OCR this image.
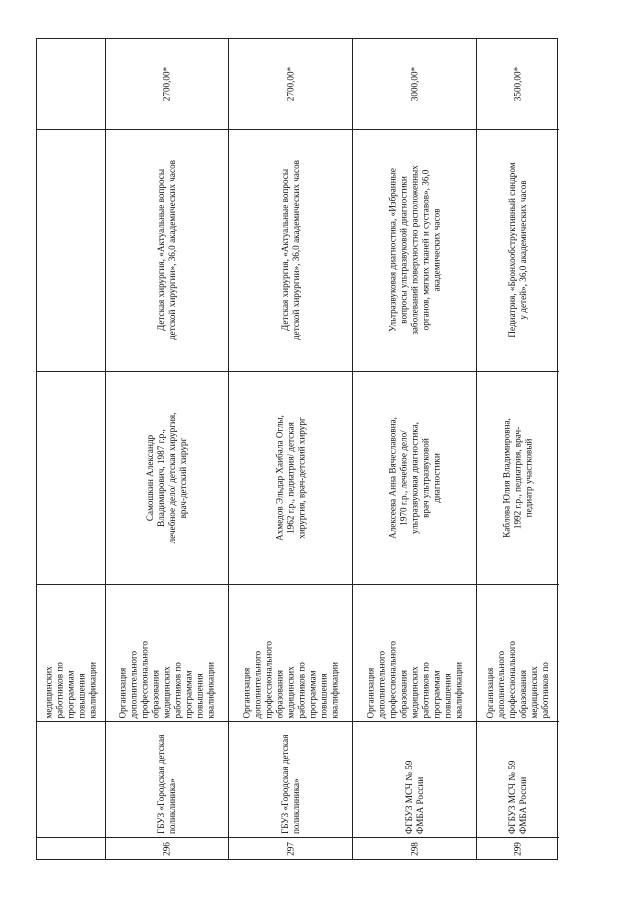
медицинских работников по программам повышения квалификации
2700,00*
Детская хирургия, «Актуальные вопросы детской хирургии», 36,0 академических часов
Самошкин Александр Владимирович, 1987 г.р., лечебное дело/ детская хирургия, врач-детский хирург
Организация дополнительного профессионального образования медицинских работников по программам повышения квалификации
ГБУЗ «Городская детская поликлиника»
296
2700,00*
Детская хирургия, «Актуальные вопросы детской хирургии», 36,0 академических часов
Ахмедов Эльдар Хаибала Оглы, 1962 г.р., педиатрия/ детская хирургия, врач-детский хирург
Организация дополнительного профессионального образования медицинских работников по программам повышения квалификации
ГБУЗ «Городская детская поликлиника»
297
3000,00*
Ультразвуковая диагностика, «Избранные вопросы ультразвуковой диагностики заболеваний поверхностно расположенных органов, мягких тканей и суставов», 36,0 академических часов
Алексеева Анна Вячеславовна, 1970 г.р., лечебное дело/ ультразвуковая диагностика, врач ультразвуковой диагностики
Организация дополнительного профессионального образования медицинских работников по программам повышения квалификации
ФГБУЗ МСЧ № 59 ФМБА России
298
3500,00*
Педиатрия, «Бронхообструктивный синдром у детей», 36,0 академических часов
Каблова Юлия Владимировна, 1992 г.р., педиатрия, врач- педиатр участковый
Организация дополнительного профессионального образования медицинских работников по
ФГБУЗ МСЧ № 59 ФМБА России
299
